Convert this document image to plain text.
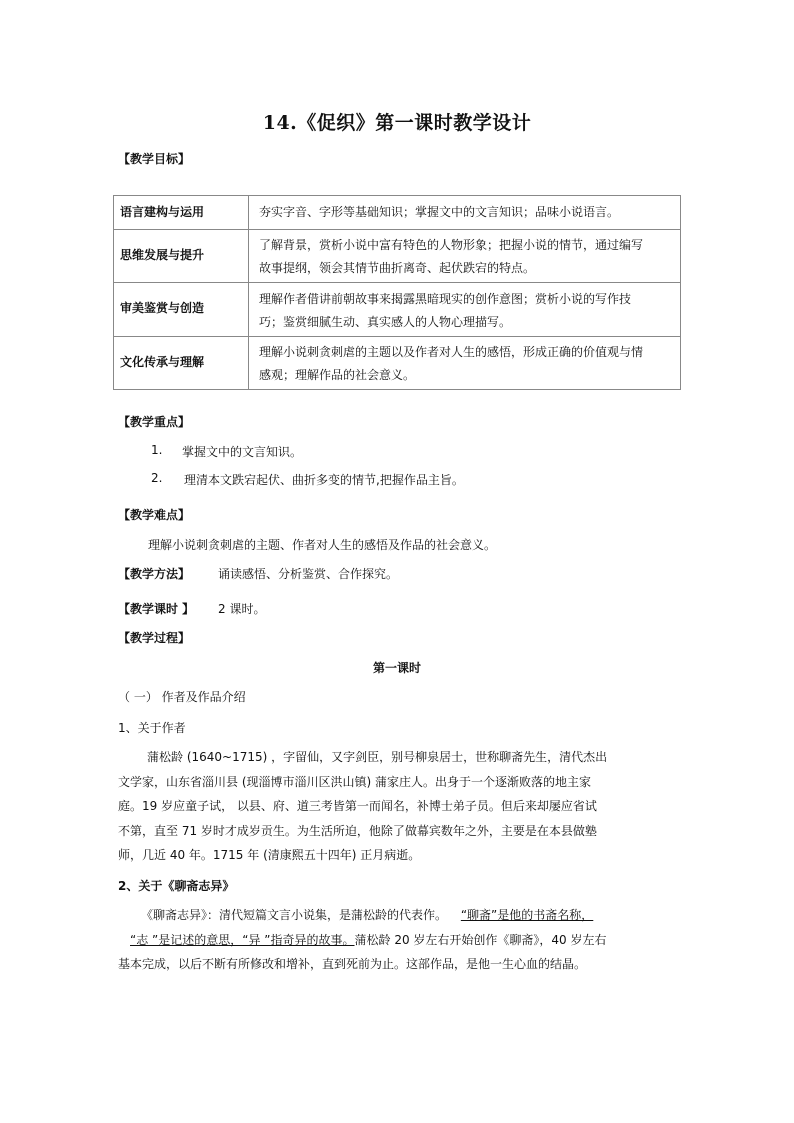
14.《促织》第一课时教学设计
【教学目标】
语言建构与运用	夯实字音、字形等基础知识；掌握文中的文言知识；品味小说语言。

思维发展与提升	了解背景，赏析小说中富有特色的人物形象；把握小说的情节，通过编写
故事提纲，领会其情节曲折离奇、起伏跌宕的特点。

审美鉴赏与创造	理解作者借讲前朝故事来揭露黑暗现实的创作意图；赏析小说的写作技
巧；鉴赏细腻生动、真实感人的人物心理描写。

文化传承与理解	理解小说刺贪刺虐的主题以及作者对人生的感悟，形成正确的价值观与情
感观；理解作品的社会意义。
【教学重点】
1. 掌握文中的文言知识。
2. 理清本文跌宕起伏、曲折多变的情节,把握作品主旨。
【教学难点】
理解小说刺贪刺虐的主题、作者对人生的感悟及作品的社会意义。
【教学方法】 诵读感悟、分析鉴赏、合作探究。
【教学课时 】 2 课时。
【教学过程】
第一课时
（ 一） 作者及作品介绍
1、关于作者
蒲松龄 (1640~1715) ，字留仙，又字剑臣，别号柳泉居士，世称聊斋先生，清代杰出
文学家，山东省淄川县 (现淄博市淄川区洪山镇) 蒲家庄人。出身于一个逐渐败落的地主家
庭。19 岁应童子试， 以县、府、道三考皆第一而闻名，补博士弟子员。但后来却屡应省试
不第，直至 71 岁时才成岁贡生。为生活所迫，他除了做幕宾数年之外，主要是在本县做塾
师，几近 40 年。1715 年 (清康熙五十四年) 正月病逝。
2、关于《聊斋志异》
《聊斋志异》：清代短篇文言小说集，是蒲松龄的代表作。 “聊斋”是他的书斋名称，
“志 ”是记述的意思，“异 ”指奇异的故事。蒲松龄 20 岁左右开始创作《聊斋》，40 岁左右
基本完成，以后不断有所修改和增补，直到死前为止。这部作品，是他一生心血的结晶。
